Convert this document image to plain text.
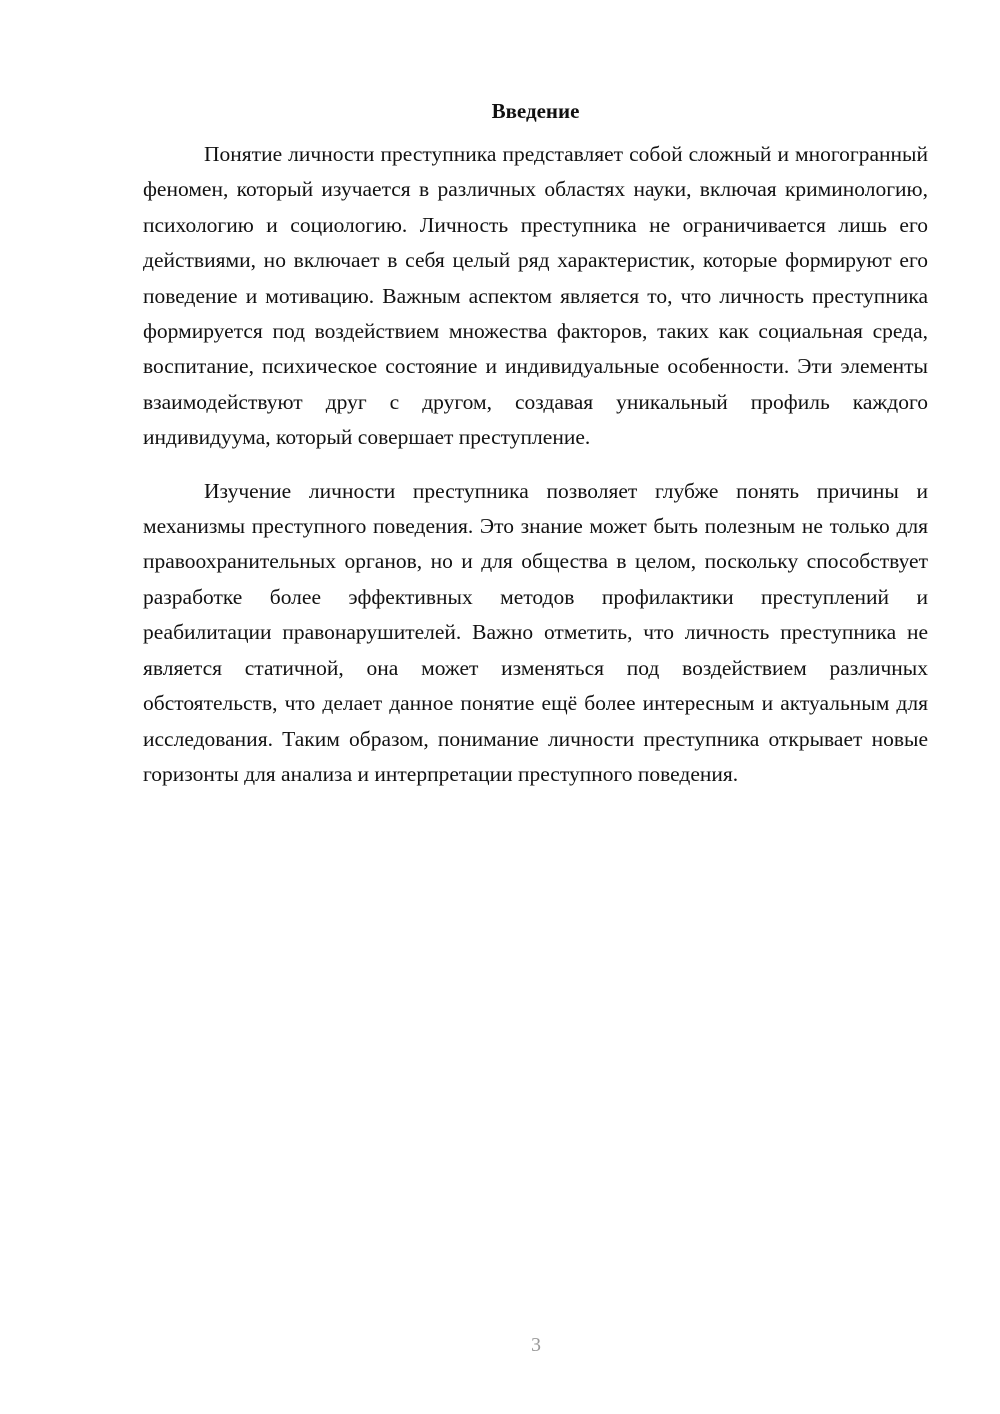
Введение

Понятие личности преступника представляет собой сложный и многогранный феномен, который изучается в различных областях науки, включая криминологию, психологию и социологию. Личность преступника не ограничивается лишь его действиями, но включает в себя целый ряд характеристик, которые формируют его поведение и мотивацию. Важным аспектом является то, что личность преступника формируется под воздействием множества факторов, таких как социальная среда, воспитание, психическое состояние и индивидуальные особенности. Эти элементы взаимодействуют друг с другом, создавая уникальный профиль каждого индивидуума, который совершает преступление.

Изучение личности преступника позволяет глубже понять причины и механизмы преступного поведения. Это знание может быть полезным не только для правоохранительных органов, но и для общества в целом, поскольку способствует разработке более эффективных методов профилактики преступлений и реабилитации правонарушителей. Важно отметить, что личность преступника не является статичной, она может изменяться под воздействием различных обстоятельств, что делает данное понятие ещё более интересным и актуальным для исследования. Таким образом, понимание личности преступника открывает новые горизонты для анализа и интерпретации преступного поведения.

3
